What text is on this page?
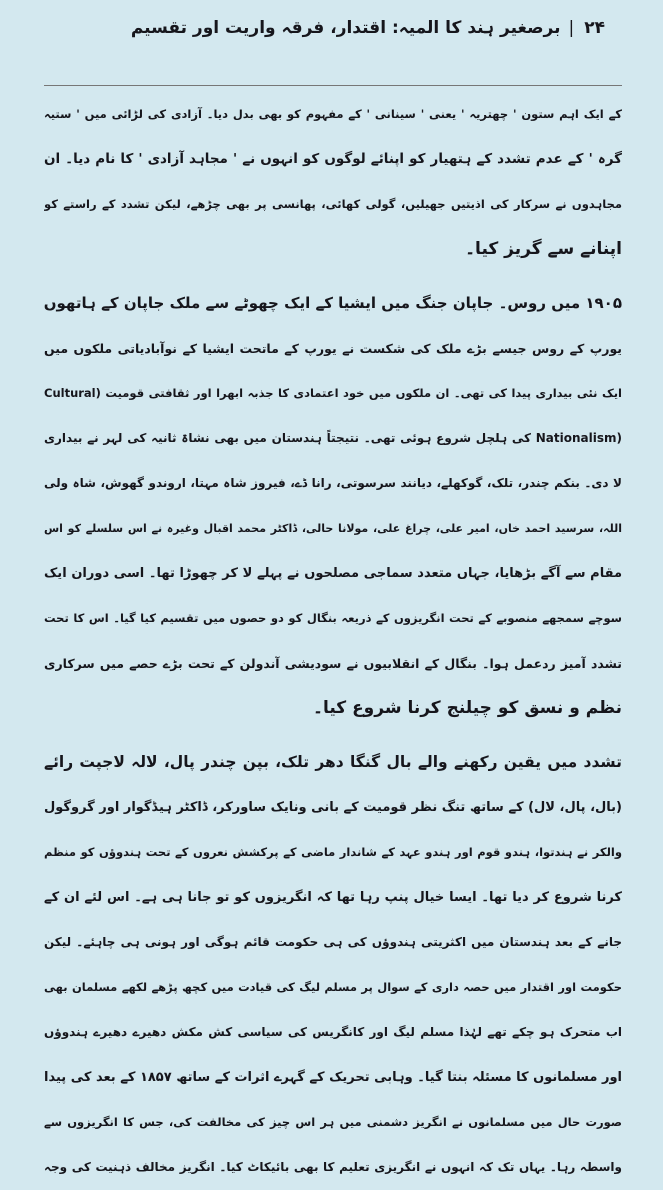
۲۴|برصغیر ہند کا المیہ: اقتدار، فرقہ واریت اور تقسیم

کے ایک اہم ستون ' چھتریہ ' یعنی ' سینانی ' کے مفہوم کو بھی بدل دیا۔ آزادی کی لڑائی میں ' ستیہ

گرہ ' کے عدم تشدد کے ہتھیار کو اپنائے لوگوں کو انہوں نے ' مجاہد آزادی ' کا نام دیا۔ ان

مجاہدوں نے سرکار کی اذیتیں جھیلیں، گولی کھائی، پھانسی پر بھی چڑھے، لیکن تشدد کے راستے کو

اپنانے سے گریز کیا۔

۱۹۰۵ میں روس۔ جاپان جنگ میں ایشیا کے ایک چھوٹے سے ملک جاپان کے ہاتھوں

یورپ کے روس جیسے بڑے ملک کی شکست نے یورپ کے ماتحت ایشیا کے نوآبادیاتی ملکوں میں

ایک نئی بیداری پیدا کی تھی۔ ان ملکوں میں خود اعتمادی کا جذبہ ابھرا اور ثقافتی قومیت (Cultural

(Nationalism کی ہلچل شروع ہوئی تھی۔ نتیجتاً ہندستان میں بھی نشاۃ ثانیہ کی لہر نے بیداری

لا دی۔ بنکم چندر، تلک، گوکھلے، دیانند سرسوتی، رانا ڈے، فیروز شاہ مہتا، اروندو گھوش، شاہ ولی

اللہ، سرسید احمد خاں، امیر علی، چراغ علی، مولانا حالی، ڈاکٹر محمد اقبال وغیرہ نے اس سلسلے کو اس

مقام سے آگے بڑھایا، جہاں متعدد سماجی مصلحوں نے پہلے لا کر چھوڑا تھا۔ اسی دوران ایک

سوچے سمجھے منصوبے کے تحت انگریزوں کے ذریعہ بنگال کو دو حصوں میں تقسیم کیا گیا۔ اس کا تحت

تشدد آمیز ردعمل ہوا۔ بنگال کے انقلابیوں نے سودیشی آندولن کے تحت بڑے حصے میں سرکاری

نظم و نسق کو چیلنج کرنا شروع کیا۔

تشدد میں یقین رکھنے والے بال گنگا دھر تلک، بپن چندر پال، لالہ لاجپت رائے

(بال، پال، لال) کے ساتھ تنگ نظر قومیت کے بانی ونایک ساورکر، ڈاکٹر ہیڈگوار اور گروگول

والکر نے ہندتوا، ہندو قوم اور ہندو عہد کے شاندار ماضی کے پرکشش نعروں کے تحت ہندوؤں کو منظم

کرنا شروع کر دیا تھا۔ ایسا خیال پنپ رہا تھا کہ انگریزوں کو تو جانا ہی ہے۔ اس لئے ان کے

جانے کے بعد ہندستان میں اکثریتی ہندوؤں کی ہی حکومت قائم ہوگی اور ہونی ہی چاہئے۔ لیکن

حکومت اور اقتدار میں حصہ داری کے سوال پر مسلم لیگ کی قیادت میں کچھ پڑھے لکھے مسلمان بھی

اب متحرک ہو چکے تھے لہٰذا مسلم لیگ اور کانگریس کی سیاسی کش مکش دھیرے دھیرے ہندوؤں

اور مسلمانوں کا مسئلہ بنتا گیا۔ وہابی تحریک کے گہرے اثرات کے ساتھ ۱۸۵۷ کے بعد کی پیدا

صورت حال میں مسلمانوں نے انگریز دشمنی میں ہر اس چیز کی مخالفت کی، جس کا انگریزوں سے

واسطہ رہا۔ یہاں تک کہ انہوں نے انگریزی تعلیم کا بھی بائیکاٹ کیا۔ انگریز مخالف ذہنیت کی وجہ
